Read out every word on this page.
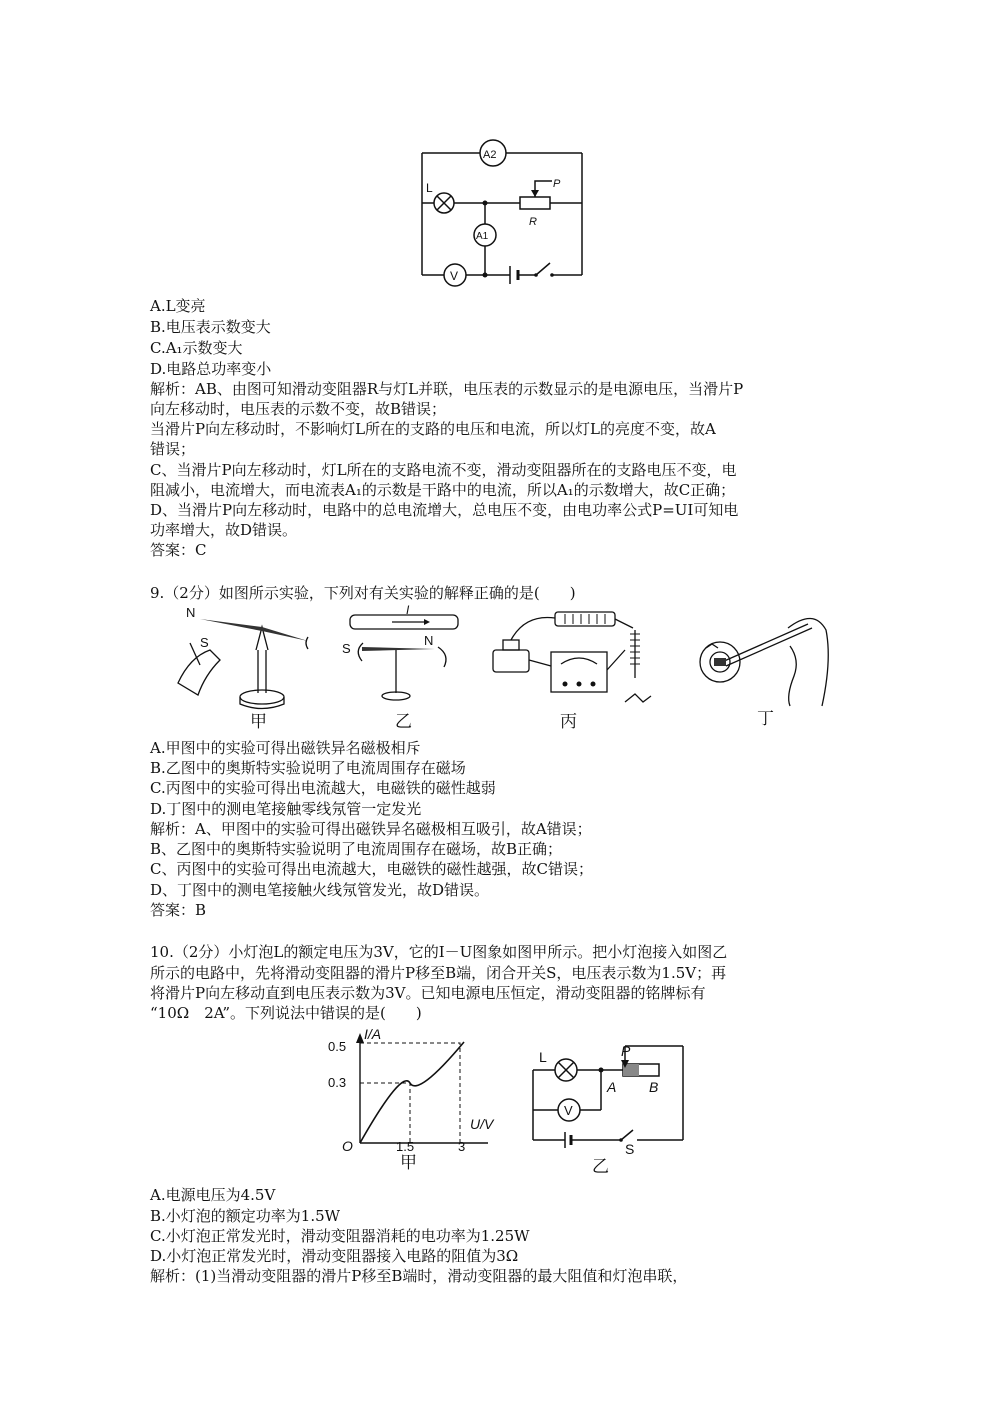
A2
L	P
R
A1
V
A.L变亮
B.电压表示数变大
C.A₁示数变大
D.电路总功率变小
解析：AB、由图可知滑动变阻器R与灯L并联，电压表的示数显示的是电源电压，当滑片P
向左移动时，电压表的示数不变，故B错误；
当滑片P向左移动时，不影响灯L所在的支路的电压和电流，所以灯L的亮度不变，故A
错误；
C、当滑片P向左移动时，灯L所在的支路电流不变，滑动变阻器所在的支路电压不变，电
阻减小，电流增大，而电流表A₁的示数是干路中的电流，所以A₁的示数增大，故C正确；
D、当滑片P向左移动时，电路中的总电流增大，总电压不变，由电功率公式P=UI可知电
功率增大，故D错误。
答案：C
9.（2分）如图所示实验，下列对有关实验的解释正确的是(　　)
N
S
I
S
N
甲	乙	丙	丁
A.甲图中的实验可得出磁铁异名磁极相斥
B.乙图中的奥斯特实验说明了电流周围存在磁场
C.丙图中的实验可得出电流越大，电磁铁的磁性越弱
D.丁图中的测电笔接触零线氖管一定发光
解析：A、甲图中的实验可得出磁铁异名磁极相互吸引，故A错误；
B、乙图中的奥斯特实验说明了电流周围存在磁场，故B正确；
C、丙图中的实验可得出电流越大，电磁铁的磁性越强，故C错误；
D、丁图中的测电笔接触火线氖管发光，故D错误。
答案：B
10.（2分）小灯泡L的额定电压为3V，它的I－U图象如图甲所示。把小灯泡接入如图乙
所示的电路中，先将滑动变阻器的滑片P移至B端，闭合开关S，电压表示数为1.5V；再
将滑片P向左移动直到电压表示数为3V。已知电源电压恒定，滑动变阻器的铭牌标有
“10Ω　2A”。下列说法中错误的是(　　)
I/A
U/V
O
0.5
0.3
1.5	3
甲
L	P
A B
V
S
乙
A.电源电压为4.5V
B.小灯泡的额定功率为1.5W
C.小灯泡正常发光时，滑动变阻器消耗的电功率为1.25W
D.小灯泡正常发光时，滑动变阻器接入电路的阻值为3Ω
解析：(1)当滑动变阻器的滑片P移至B端时，滑动变阻器的最大阻值和灯泡串联，
